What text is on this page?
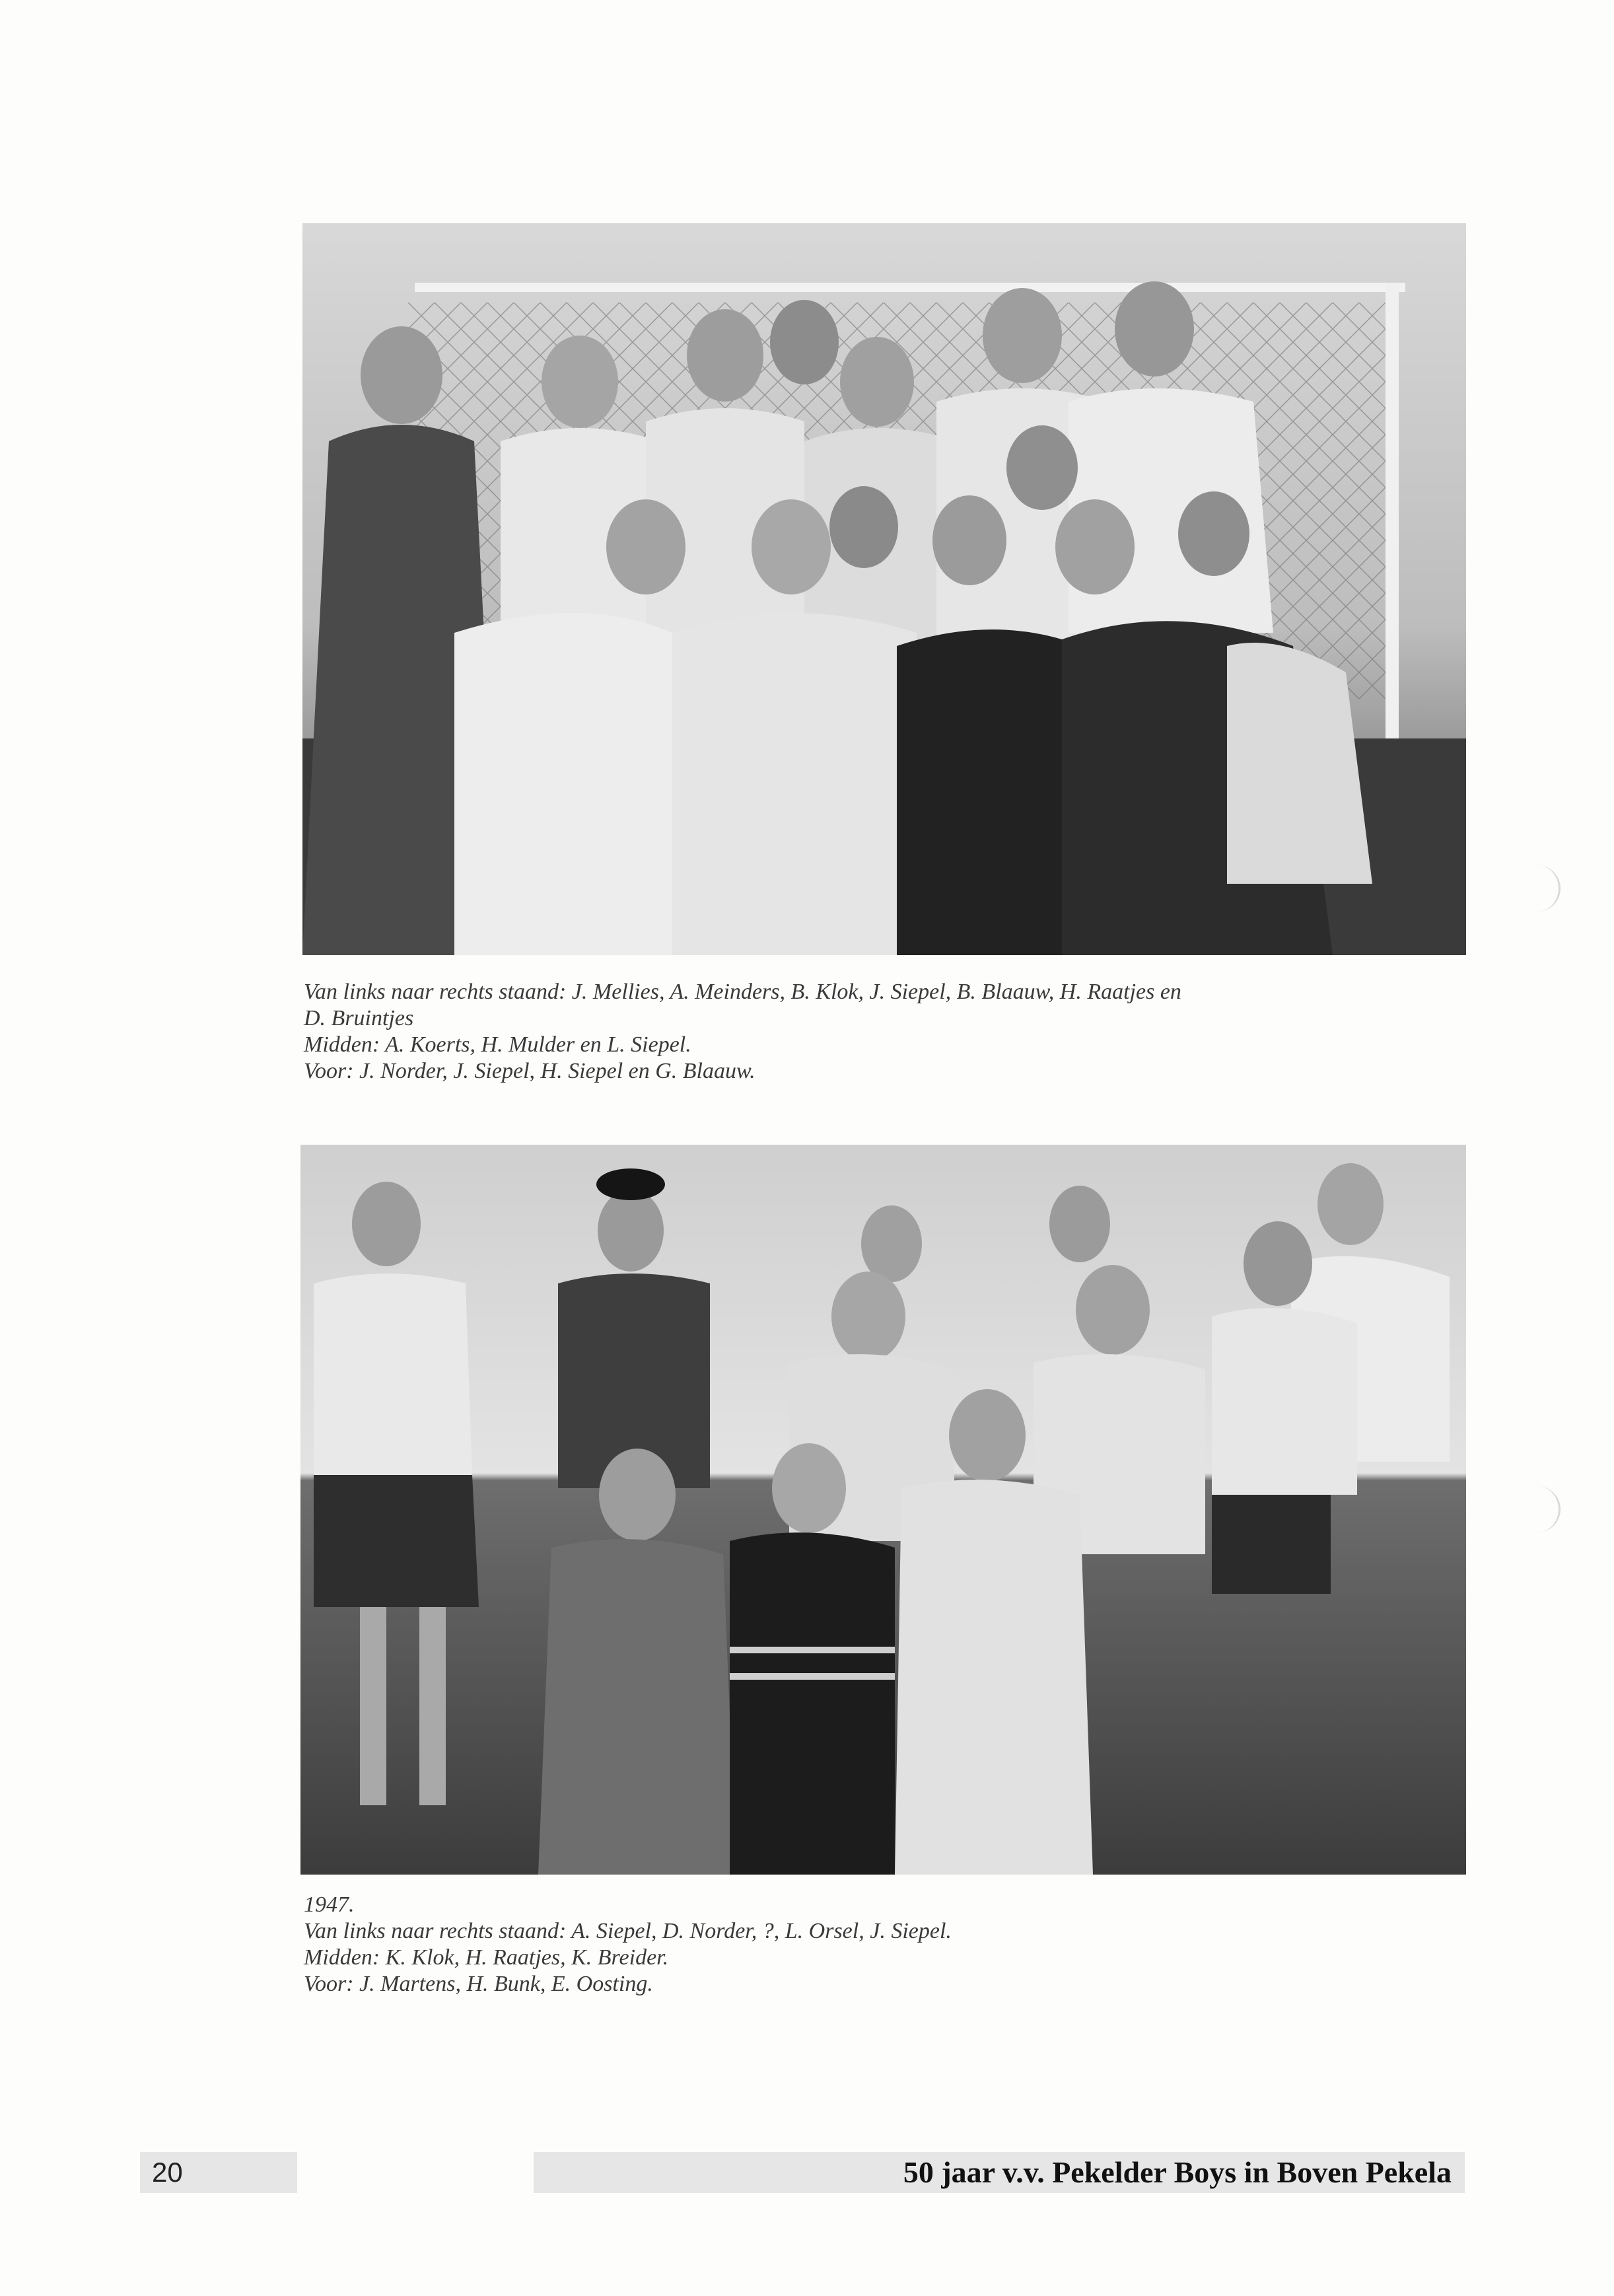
Van links naar rechts staand: J. Mellies, A. Meinders, B. Klok, J. Siepel, B. Blaauw, H. Raatjes en
D. Bruintjes
Midden: A. Koerts, H. Mulder en L. Siepel.
Voor: J. Norder, J. Siepel, H. Siepel en G. Blaauw.
1947.
Van links naar rechts staand: A. Siepel, D. Norder, ?, L. Orsel, J. Siepel.
Midden: K. Klok, H. Raatjes, K. Breider.
Voor: J. Martens, H. Bunk, E. Oosting.
20	50 jaar v.v. Pekelder Boys in Boven Pekela
